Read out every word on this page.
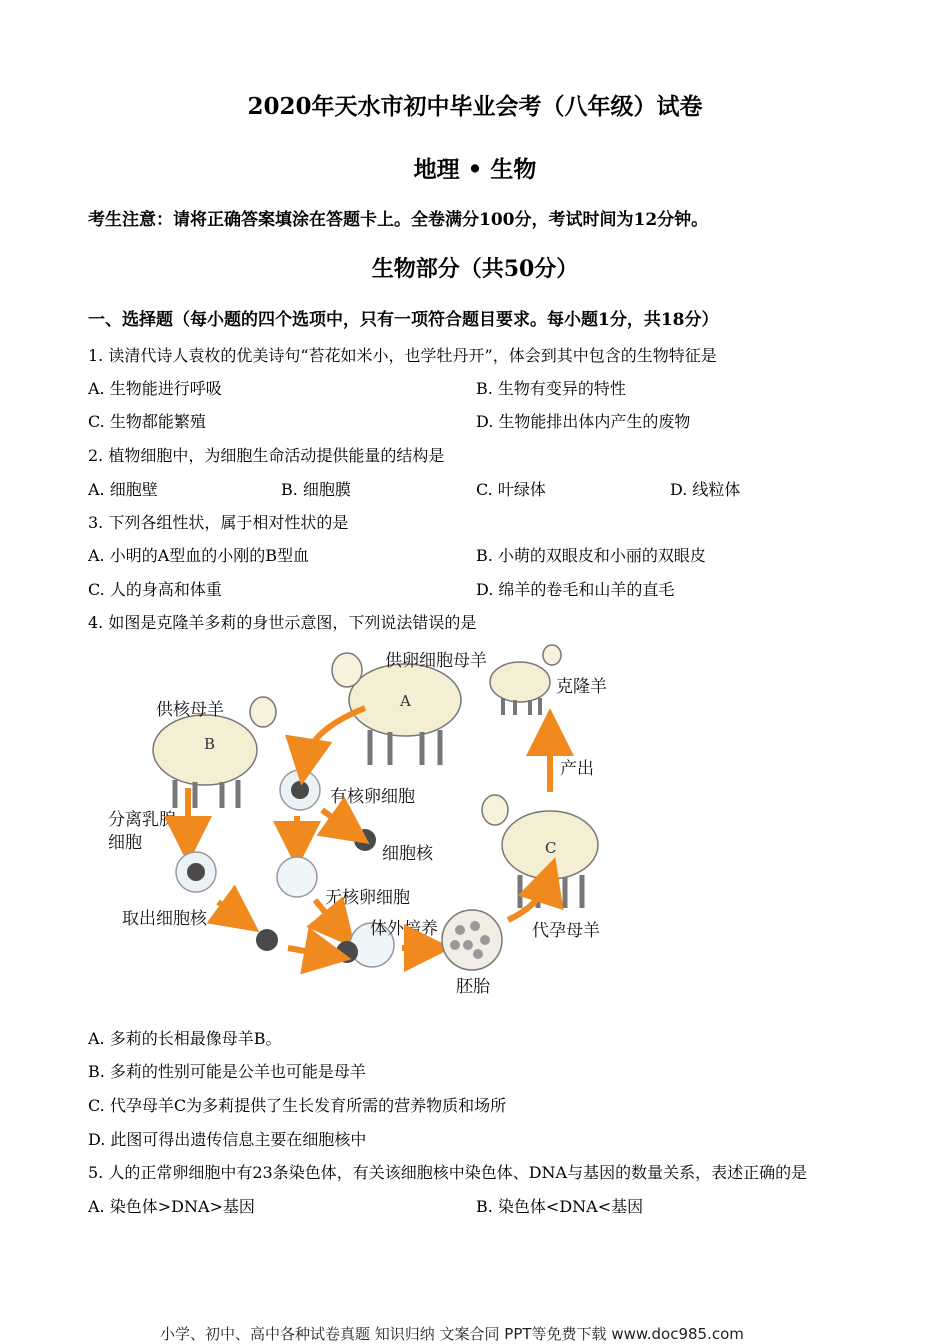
2020年天水市初中毕业会考（八年级）试卷
地理 • 生物
考生注意：请将正确答案填涂在答题卡上。全卷满分100分，考试时间为12分钟。
生物部分（共50分）
一、选择题（每小题的四个选项中，只有一项符合题目要求。每小题1分，共18分）
1. 读清代诗人袁枚的优美诗句“苔花如米小，也学牡丹开”，体会到其中包含的生物特征是
A. 生物能进行呼吸	B. 生物有变异的特性
C. 生物都能繁殖	D. 生物能排出体内产生的废物
2. 植物细胞中，为细胞生命活动提供能量的结构是
A. 细胞壁	B. 细胞膜	C. 叶绿体	D. 线粒体
3. 下列各组性状，属于相对性状的是
A. 小明的A型血的小刚的B型血	B. 小萌的双眼皮和小丽的双眼皮
C. 人的身高和体重	D. 绵羊的卷毛和山羊的直毛
4. 如图是克隆羊多莉的身世示意图，下列说法错误的是
A
供卵细胞母羊
B
供核母羊
克隆羊
C
代孕母羊
产出
有核卵细胞
分离乳腺
细胞
取出细胞核
细胞核
无核卵细胞
体外培养
胚胎
A. 多莉的长相最像母羊B。
B. 多莉的性别可能是公羊也可能是母羊
C. 代孕母羊C为多莉提供了生长发育所需的营养物质和场所
D. 此图可得出遗传信息主要在细胞核中
5. 人的正常卵细胞中有23条染色体，有关该细胞核中染色体、DNA与基因的数量关系，表述正确的是
A. 染色体>DNA>基因	B. 染色体<DNA<基因
小学、初中、高中各种试卷真题 知识归纳 文案合同 PPT等免费下载 www.doc985.com
